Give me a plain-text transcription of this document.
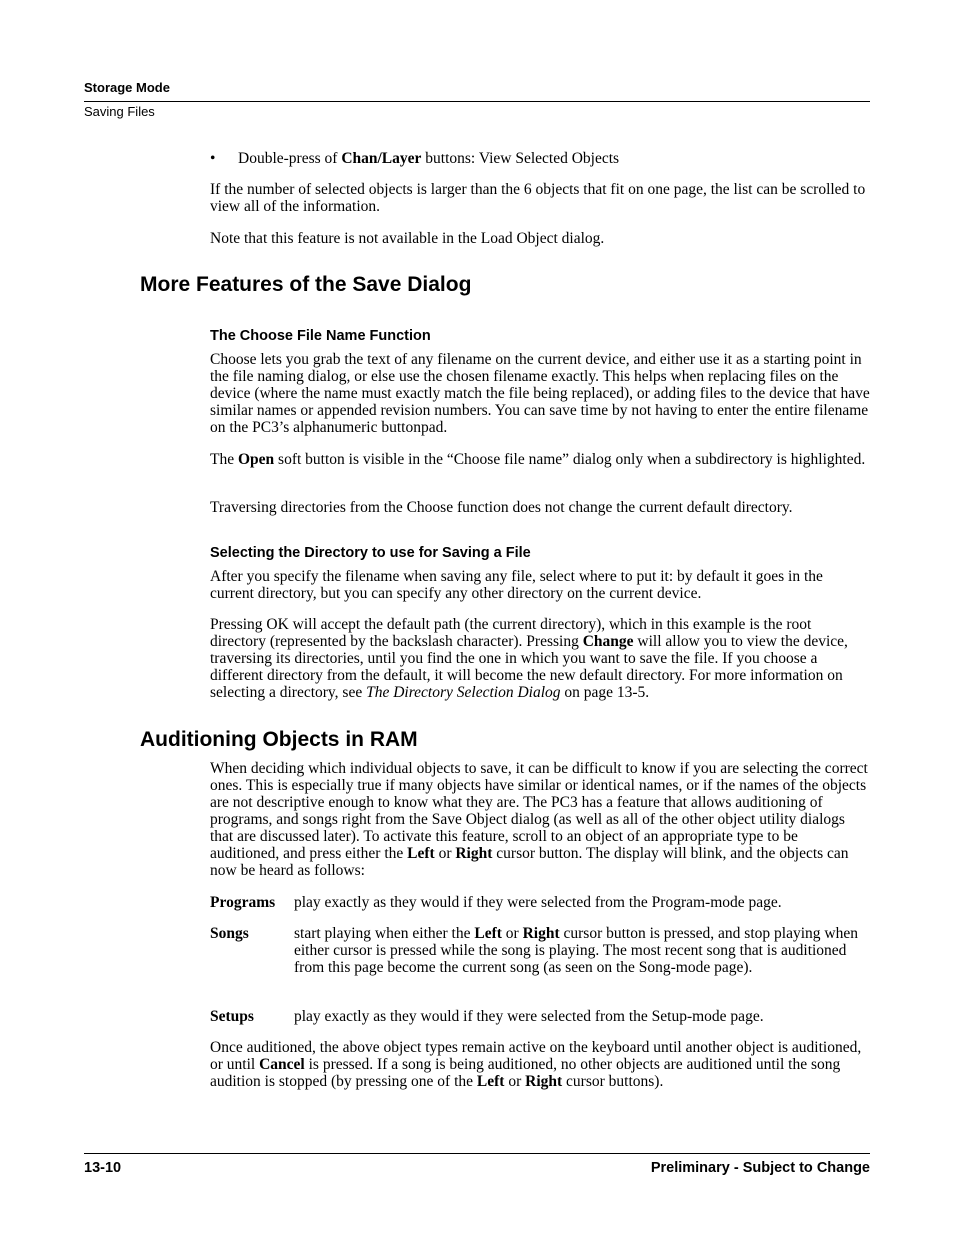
Storage Mode
Saving Files
• Double-press of Chan/Layer buttons: View Selected Objects
If the number of selected objects is larger than the 6 objects that fit on one page, the list can be scrolled to view all of the information.
Note that this feature is not available in the Load Object dialog.
More Features of the Save Dialog
The Choose File Name Function
Choose lets you grab the text of any filename on the current device, and either use it as a starting point in the file naming dialog, or else use the chosen filename exactly. This helps when replacing files on the device (where the name must exactly match the file being replaced), or adding files to the device that have similar names or appended revision numbers. You can save time by not having to enter the entire filename on the PC3’s alphanumeric buttonpad.
The Open soft button is visible in the “Choose file name” dialog only when a subdirectory is highlighted.
Traversing directories from the Choose function does not change the current default directory.
Selecting the Directory to use for Saving a File
After you specify the filename when saving any file, select where to put it: by default it goes in the current directory, but you can specify any other directory on the current device.
Pressing OK will accept the default path (the current directory), which in this example is the root directory (represented by the backslash character). Pressing Change will allow you to view the device, traversing its directories, until you find the one in which you want to save the file. If you choose a different directory from the default, it will become the new default directory. For more information on selecting a directory, see The Directory Selection Dialog on page 13-5.
Auditioning Objects in RAM
When deciding which individual objects to save, it can be difficult to know if you are selecting the correct ones. This is especially true if many objects have similar or identical names, or if the names of the objects are not descriptive enough to know what they are. The PC3 has a feature that allows auditioning of programs, and songs right from the Save Object dialog (as well as all of the other object utility dialogs that are discussed later). To activate this feature, scroll to an object of an appropriate type to be auditioned, and press either the Left or Right cursor button. The display will blink, and the objects can now be heard as follows:
Programs play exactly as they would if they were selected from the Program-mode page.
Songs	start playing when either the Left or Right cursor button is pressed, and stop playing when either cursor is pressed while the song is playing. The most recent song that is auditioned from this page become the current song (as seen on the Song-mode page).
Setups	play exactly as they would if they were selected from the Setup-mode page.
Once auditioned, the above object types remain active on the keyboard until another object is auditioned, or until Cancel is pressed. If a song is being auditioned, no other objects are auditioned until the song audition is stopped (by pressing one of the Left or Right cursor buttons).
13-10	Preliminary - Subject to Change
